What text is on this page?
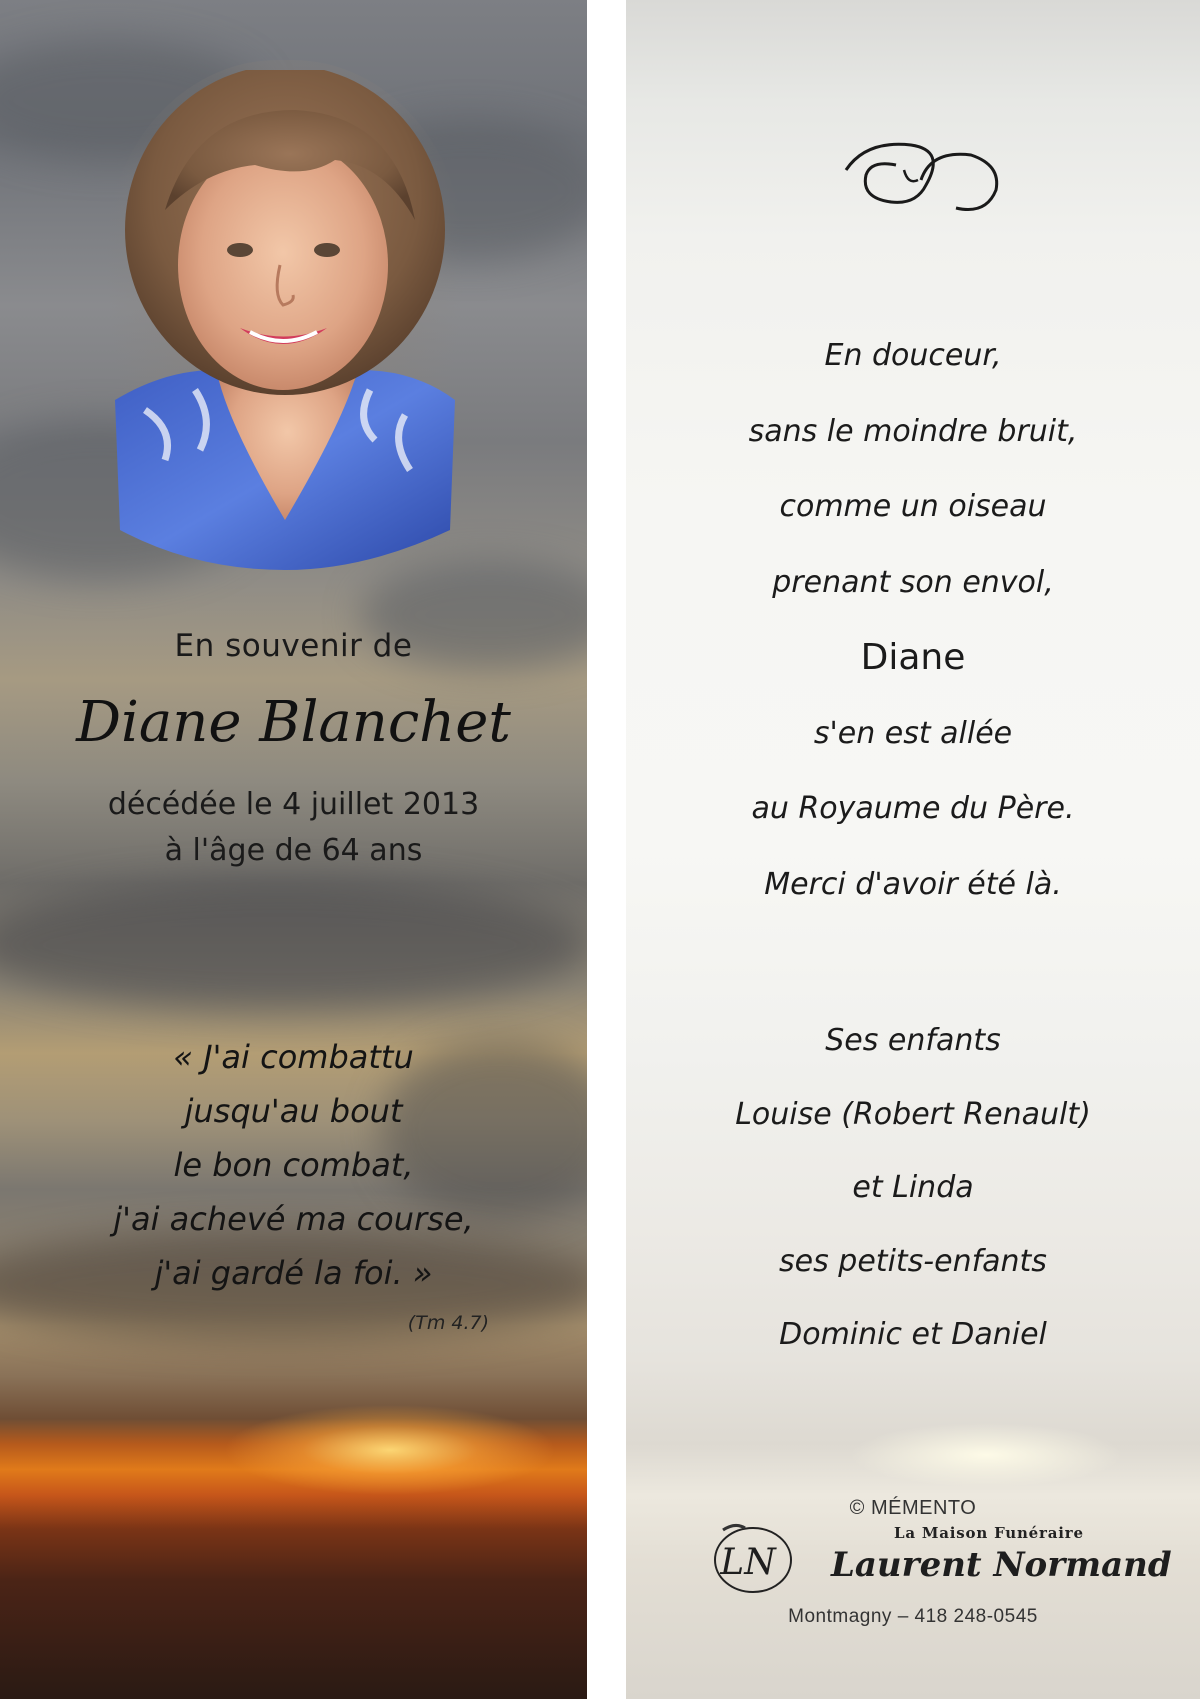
En souvenir de
Diane Blanchet
décédée le 4 juillet 2013
à l'âge de 64 ans
« J'ai combattu
jusqu'au bout
le bon combat,
j'ai achevé ma course,
j'ai gardé la foi. »
(Tm 4.7)
En douceur,
sans le moindre bruit,
comme un oiseau
prenant son envol,
Diane
s'en est allée
au Royaume du Père.
Merci d'avoir été là.
Ses enfants
Louise (Robert Renault)
et Linda
ses petits-enfants
Dominic et Daniel
© MÉMENTO
La Maison Funéraire
LN Laurent Normand
Montmagny – 418 248-0545
